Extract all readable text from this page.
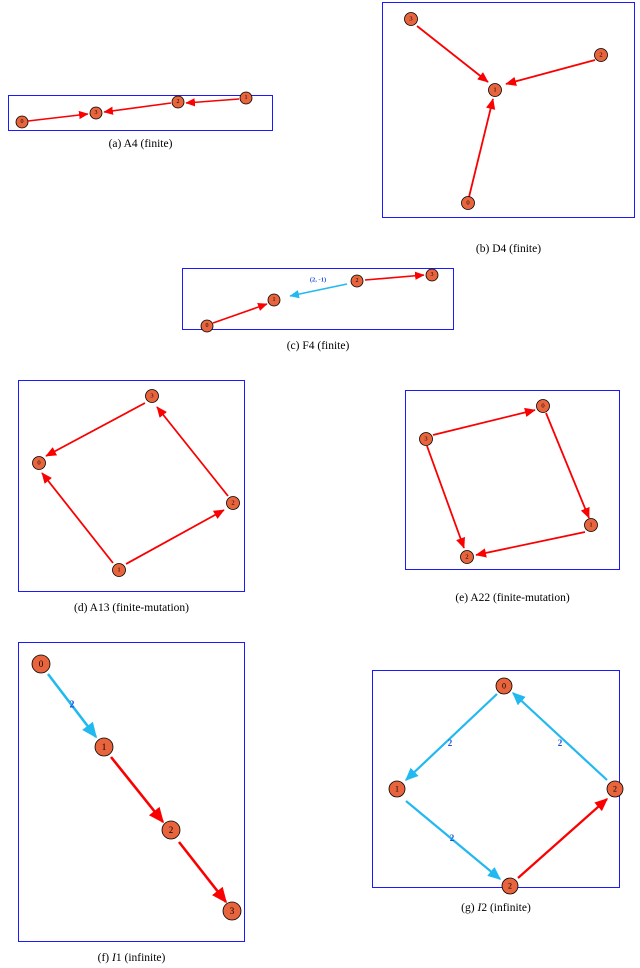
0
3
2
1
(a) A4 (finite)
3
2
1
0
(b) D4 (finite)
(2, -1)
0
1
2
3
(c) F4 (finite)
3
0
2
1
(d) A13 (finite-mutation)
0
3
1
2
(e) A22 (finite-mutation)
2
0
1
2
3
(f) I1 (infinite)
2	2
2
0
1	2
2
(g) I2 (infinite)
